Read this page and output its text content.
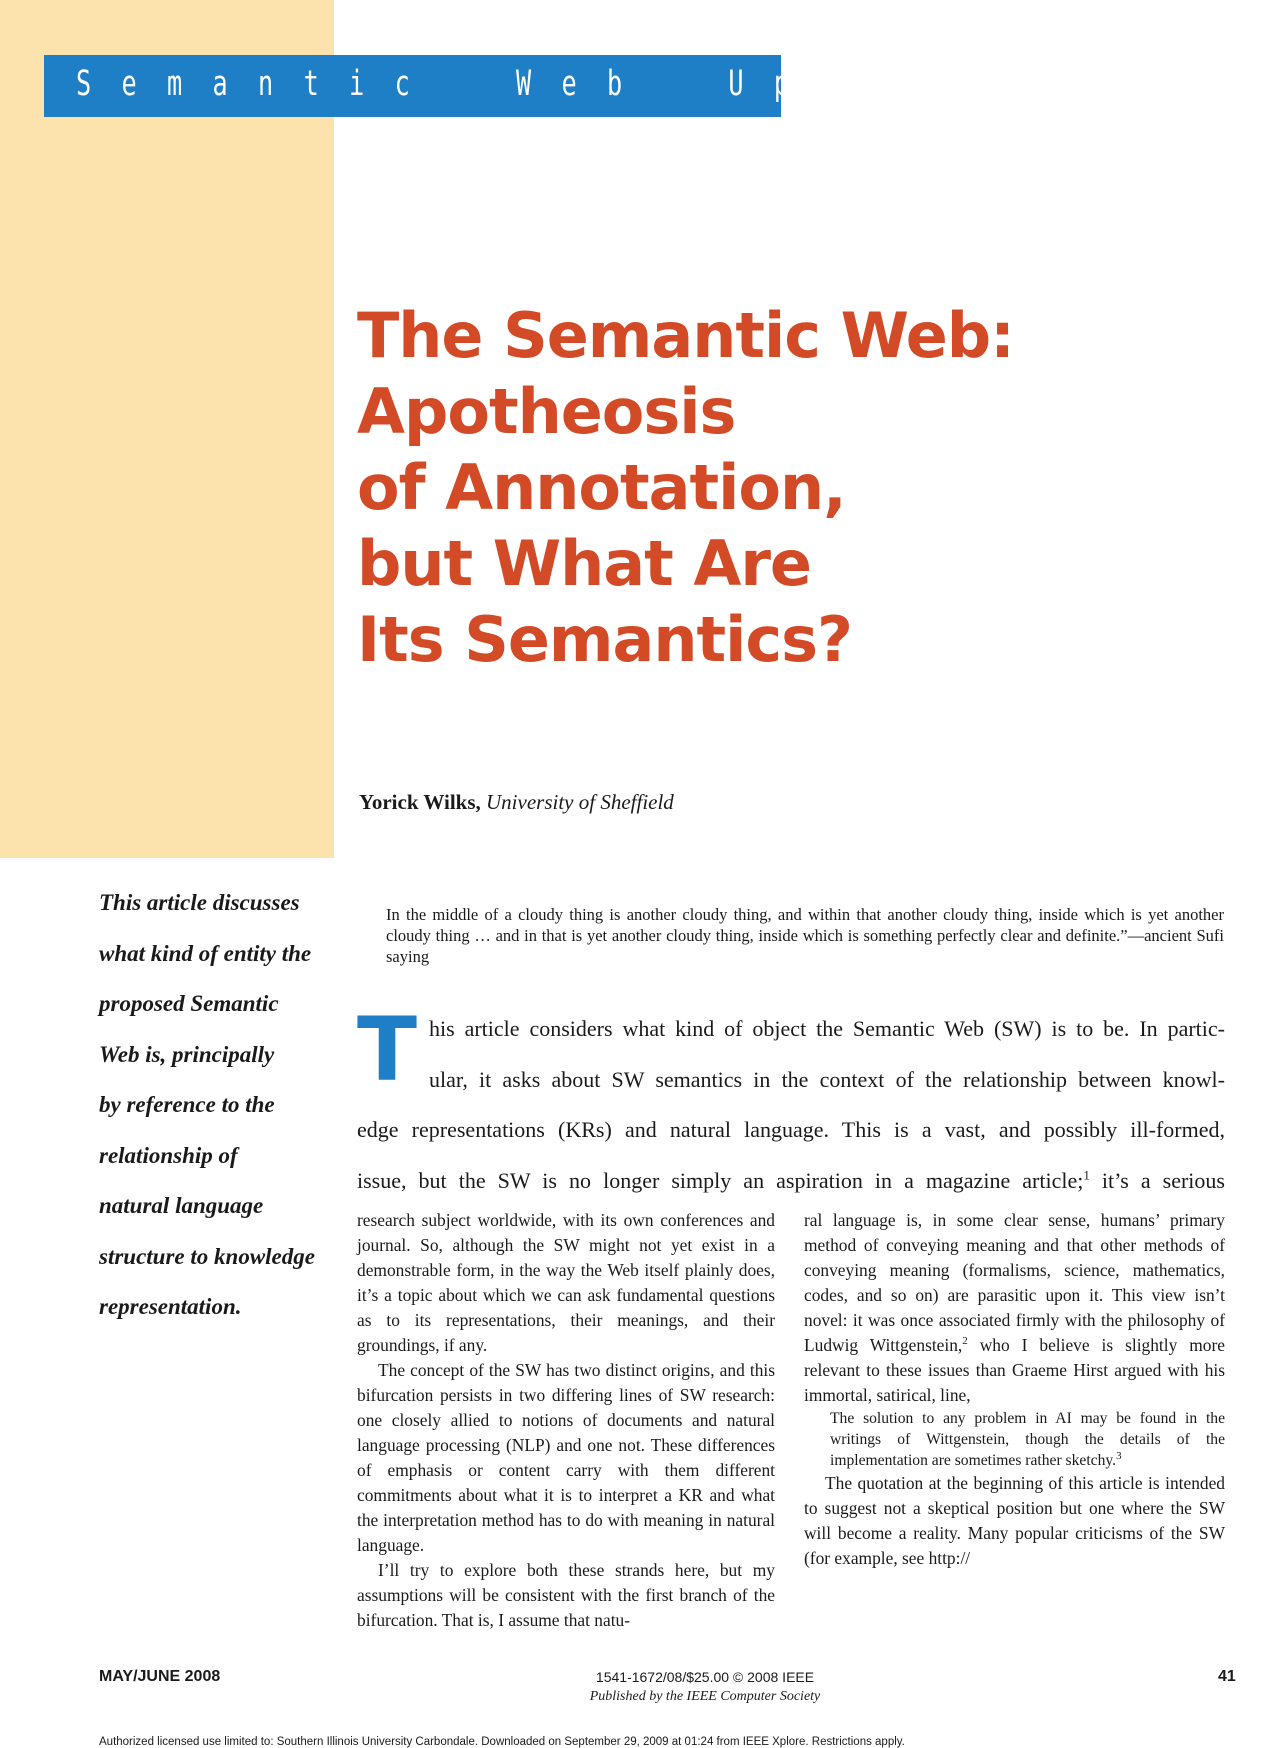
S  e  m  a  n  t  i  c       W  e  b       U  p  d  a  t  e
The Semantic Web:
Apotheosis
of Annotation,
but What Are
Its Semantics?
Yorick Wilks, University of Sheffield
This article discusses
what kind of entity the
proposed Semantic
Web is, principally
by reference to the
relationship of
natural language
structure to knowledge
representation.

In the middle of a cloudy thing is another cloudy thing, and within that another cloudy thing, inside which is yet another cloudy thing … and in that is yet another cloudy thing, inside which is something perfectly clear and definite.”—ancient Sufi saying

T his article considers what kind of object the Semantic Web (SW) is to be. In partic-
ular, it asks about SW semantics in the context of the relationship between knowl-
edge representations (KRs) and natural language. This is a vast, and possibly ill-formed,
issue, but the SW is no longer simply an aspiration in a magazine article;$^1$ it’s a serious

research subject worldwide, with its own conferences and journal. So, although the SW might not yet exist in a demonstrable form, in the way the Web itself plainly does, it’s a topic about which we can ask fundamental questions as to its representations, their meanings, and their groundings, if any.

The concept of the SW has two distinct origins, and this bifurcation persists in two differing lines of SW research: one closely allied to notions of documents and natural language processing (NLP) and one not. These differences of emphasis or content carry with them different commitments about what it is to interpret a KR and what the interpretation method has to do with meaning in natural language.

I’ll try to explore both these strands here, but my assumptions will be consistent with the first branch of the bifurcation. That is, I assume that natu-

ral language is, in some clear sense, humans’ primary method of conveying meaning and that other methods of conveying meaning (formalisms, science, mathematics, codes, and so on) are parasitic upon it. This view isn’t novel: it was once associated firmly with the philosophy of Ludwig Wittgenstein,$^2$ who I believe is slightly more relevant to these issues than Graeme Hirst argued with his immortal, satirical, line,

The solution to any problem in AI may be found in the writings of Wittgenstein, though the details of the implementation are sometimes rather sketchy.$^3$

The quotation at the beginning of this article is intended to suggest not a skeptical position but one where the SW will become a reality. Many popular criticisms of the SW (for example, see http://

MAY/JUNE 2008	1541-1672/08/$25.00 © 2008 IEEE
Published by the IEEE Computer Society
41
Authorized licensed use limited to: Southern Illinois University Carbondale. Downloaded on September 29, 2009 at 01:24 from IEEE Xplore. Restrictions apply.
